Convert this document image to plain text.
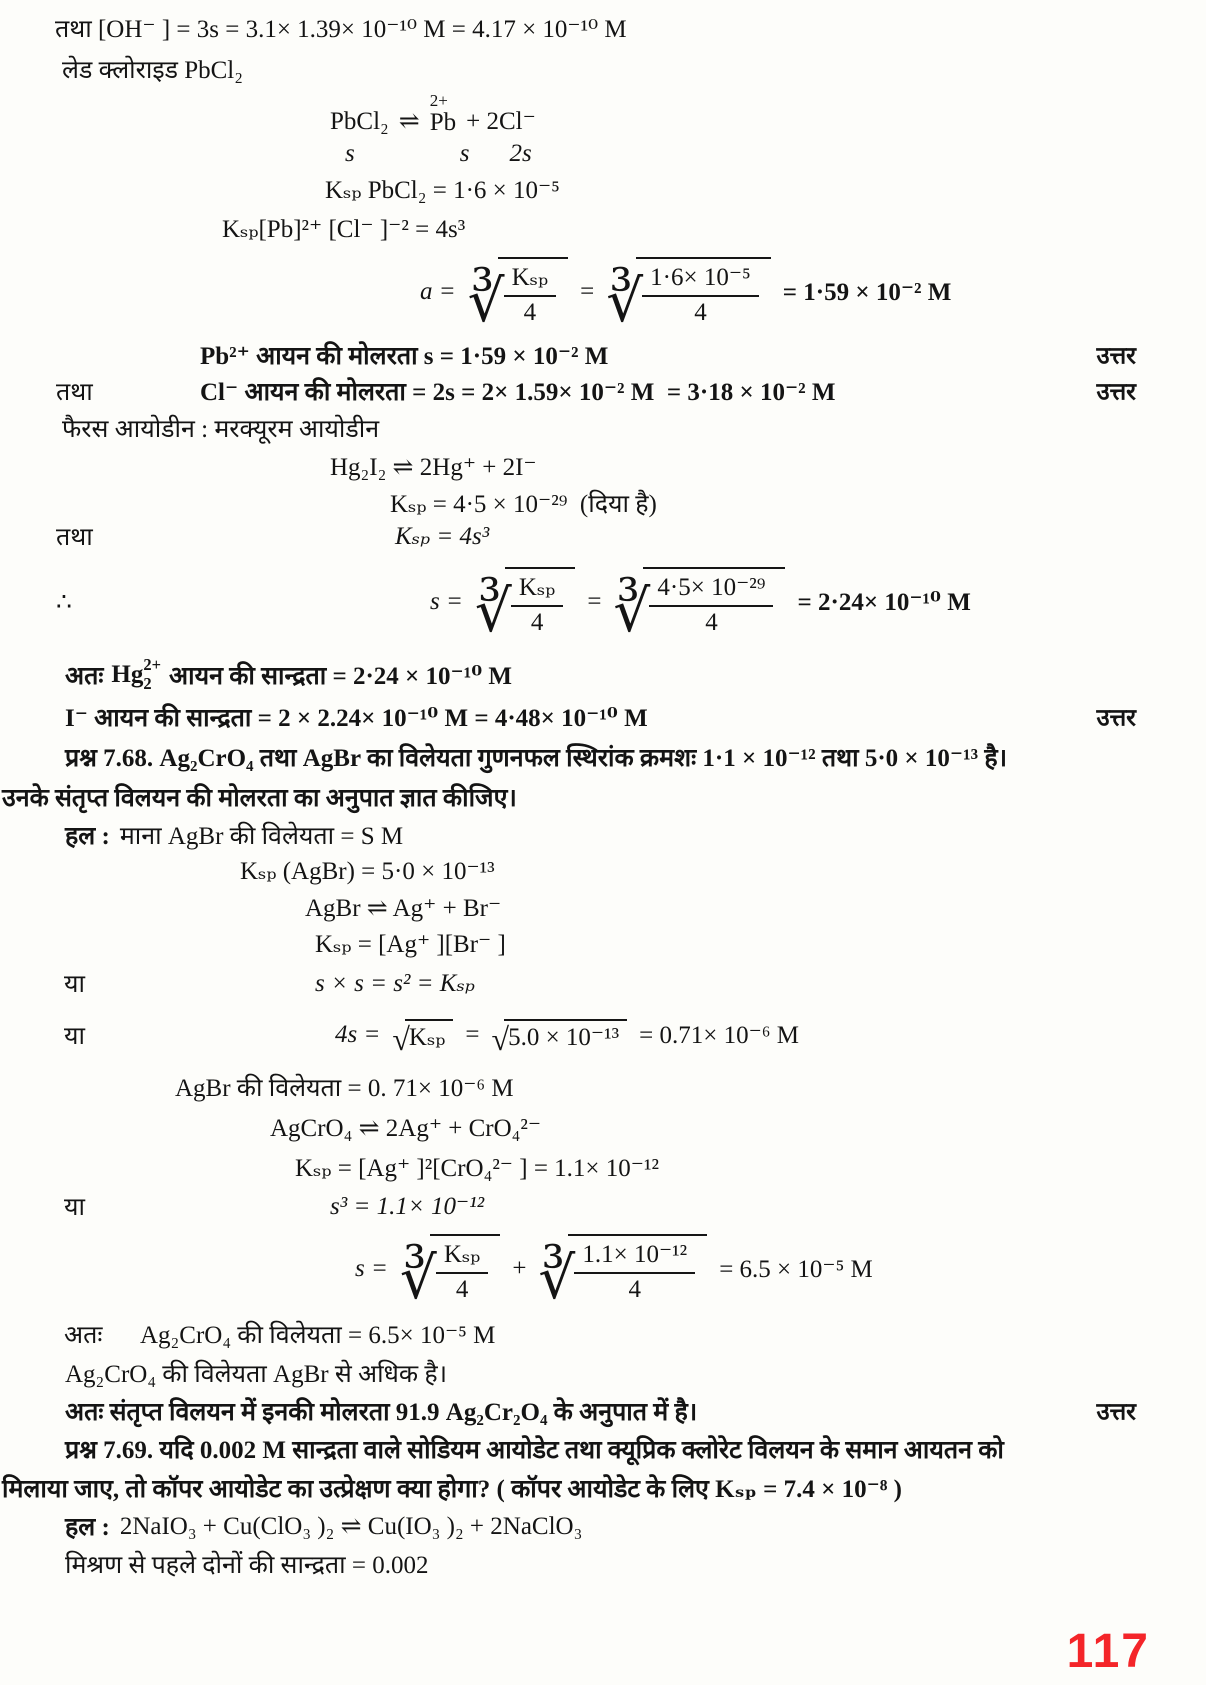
तथा [OH⁻ ] = 3s = 3.1× 1.39× 10⁻¹⁰ M = 4.17 × 10⁻¹⁰ M
लेड क्लोराइड PbCl₂
PbCl₂ ⇌
2+
Pb + 2Cl⁻
s	s 2s
Kₛₚ PbCl₂ = 1·6 × 10⁻⁵
Kₛₚ[Pb]²⁺ [Cl⁻ ]⁻² = 4s³
a = ∛ $\frac{\text{Kₛₚ}}{4}$ = ∛ $\frac{\text{1·6× 10⁻⁵}}{4} = 1\cdot 59 \times 10^{-2}$ M
Pb²⁺ आयन की मोलरता s = 1·59 × 10⁻² M	उत्तर
तथा	Cl⁻ आयन की मोलरता = 2s = 2× 1.59× 10⁻² M  = 3·18 × 10⁻² M	उत्तर
फैरस आयोडीन : मरक्यूरम आयोडीन
Hg₂I₂ ⇌ 2Hg⁺ + 2I⁻
Kₛₚ = 4·5 × 10⁻²⁹  (दिया है)
तथा	Kₛₚ = 4s³
∴	s = ∛ $\frac{\text{Kₛₚ}}{4}$ = ∛ $\frac{\text{4·5× 10⁻²⁹}}{4} = 2\cdot 24\times 10^{-10}$ M
अतः Hg 2+
2 आयन की सान्द्रता = 2·24 × 10⁻¹⁰ M
I⁻ आयन की सान्द्रता = 2 × 2.24× 10⁻¹⁰ M = 4·48× 10⁻¹⁰ M	उत्तर
प्रश्न 7.68. Ag₂CrO₄ तथा AgBr का विलेयता गुणनफल स्थिरांक क्रमशः 1·1 × 10⁻¹² तथा 5·0 × 10⁻¹³ है।
उनके संतृप्त विलयन की मोलरता का अनुपात ज्ञात कीजिए।
हल : माना AgBr की विलेयता = S M
Kₛₚ (AgBr) = 5·0 × 10⁻¹³
AgBr ⇌ Ag⁺ + Br⁻
Kₛₚ = [Ag⁺ ][Br⁻ ]
या	s × s = s² = Kₛₚ
या	4s = √ Kₛₚ = √ 5.0 × 10⁻¹³ = 0.71× 10⁻⁶ M
AgBr की विलेयता = 0. 71× 10⁻⁶ M
AgCrO₄ ⇌ 2Ag⁺ + CrO₄²⁻
Kₛₚ = [Ag⁺ ]²[CrO₄²⁻ ] = 1.1× 10⁻¹²
या	s³ = 1.1× 10⁻¹²
s = ∛ $\frac{\text{Kₛₚ}}{4}$ + ∛ $\frac{\text{1.1× 10⁻¹²}}{4} = 6.5 \times 10^{-5}$ M
अतः Ag₂CrO₄ की विलेयता = 6.5× 10⁻⁵ M
Ag₂CrO₄ की विलेयता AgBr से अधिक है।
अतः संतृप्त विलयन में इनकी मोलरता 91.9 Ag₂Cr₂O₄ के अनुपात में है।	उत्तर
प्रश्न 7.69. यदि 0.002 M सान्द्रता वाले सोडियम आयोडेट तथा क्यूप्रिक क्लोरेट विलयन के समान आयतन को
मिलाया जाए, तो कॉपर आयोडेट का उत्प्रेक्षण क्या होगा? ( कॉपर आयोडेट के लिए Kₛₚ = 7.4 × 10⁻⁸ )
हल : 2NaIO₃ + Cu(ClO₃ )₂ ⇌ Cu(IO₃ )₂ + 2NaClO₃
मिश्रण से पहले दोनों की सान्द्रता = 0.002
117
